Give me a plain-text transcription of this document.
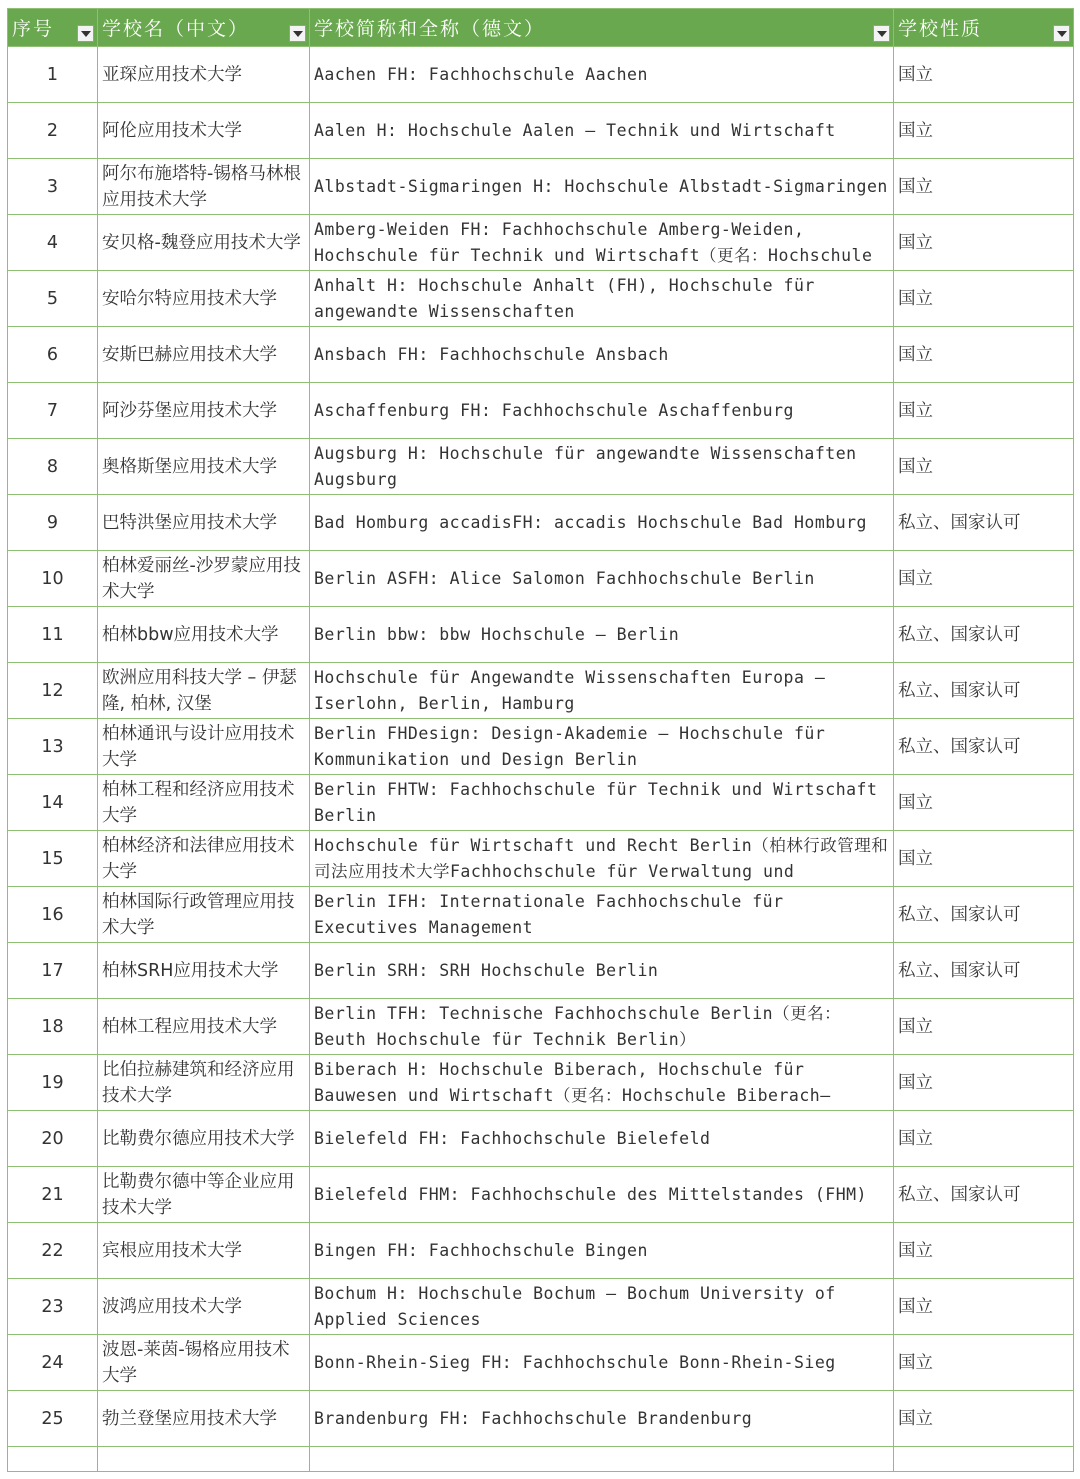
序号	学校名（中文）	学校简称和全称（德文）	学校性质

1	亚琛应用技术大学	Aachen FH: Fachhochschule Aachen	国立

2	阿伦应用技术大学	Aalen H: Hochschule Aalen – Technik und Wirtschaft	国立

3	阿尔布施塔特-锡格马林根应用技术大学	Albstadt-Sigmaringen H: Hochschule Albstadt-Sigmaringen	国立

4	安贝格-魏登应用技术大学	Amberg-Weiden FH: Fachhochschule Amberg-Weiden, Hochschule für Technik und Wirtschaft（更名：Hochschule	国立

5	安哈尔特应用技术大学	Anhalt H: Hochschule Anhalt (FH), Hochschule für angewandte Wissenschaften	国立

6	安斯巴赫应用技术大学	Ansbach FH: Fachhochschule Ansbach	国立

7	阿沙芬堡应用技术大学	Aschaffenburg FH: Fachhochschule Aschaffenburg	国立

8	奥格斯堡应用技术大学	Augsburg H: Hochschule für angewandte Wissenschaften Augsburg	国立

9	巴特洪堡应用技术大学	Bad Homburg accadisFH: accadis Hochschule Bad Homburg	私立、国家认可

10	柏林爱丽丝-沙罗蒙应用技术大学	Berlin ASFH: Alice Salomon Fachhochschule Berlin	国立

11	柏林bbw应用技术大学	Berlin bbw: bbw Hochschule – Berlin	私立、国家认可

12	欧洲应用科技大学 – 伊瑟隆, 柏林, 汉堡	Hochschule für Angewandte Wissenschaften Europa – Iserlohn, Berlin, Hamburg	私立、国家认可

13	柏林通讯与设计应用技术大学	Berlin FHDesign: Design-Akademie – Hochschule für Kommunikation und Design Berlin	私立、国家认可

14	柏林工程和经济应用技术大学	Berlin FHTW: Fachhochschule für Technik und Wirtschaft Berlin	国立

15	柏林经济和法律应用技术大学	Hochschule für Wirtschaft und Recht Berlin（柏林行政管理和司法应用技术大学Fachhochschule für Verwaltung und	国立

16	柏林国际行政管理应用技术大学	Berlin IFH: Internationale Fachhochschule für Executives Management	私立、国家认可

17	柏林SRH应用技术大学	Berlin SRH: SRH Hochschule Berlin	私立、国家认可

18	柏林工程应用技术大学	Berlin TFH: Technische Fachhochschule Berlin（更名：Beuth Hochschule für Technik Berlin）	国立

19	比伯拉赫建筑和经济应用技术大学	Biberach H: Hochschule Biberach, Hochschule für Bauwesen und Wirtschaft（更名：Hochschule Biberach–	国立

20	比勒费尔德应用技术大学	Bielefeld FH: Fachhochschule Bielefeld	国立

21	比勒费尔德中等企业应用技术大学	Bielefeld FHM: Fachhochschule des Mittelstandes (FHM)	私立、国家认可

22	宾根应用技术大学	Bingen FH: Fachhochschule Bingen	国立

23	波鸿应用技术大学	Bochum H: Hochschule Bochum – Bochum University of Applied Sciences	国立

24	波恩-莱茵-锡格应用技术大学	Bonn-Rhein-Sieg FH: Fachhochschule Bonn-Rhein-Sieg	国立

25	勃兰登堡应用技术大学	Brandenburg FH: Fachhochschule Brandenburg	国立
